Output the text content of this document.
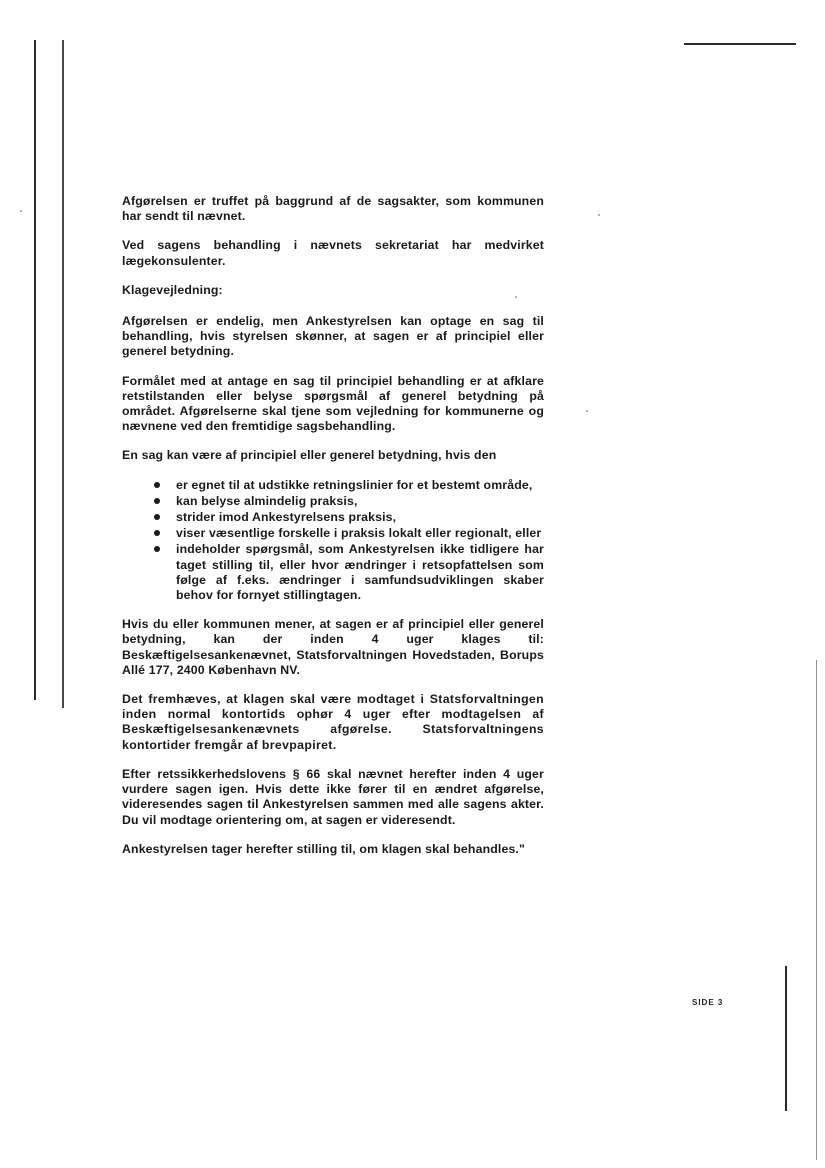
Afgørelsen er truffet på baggrund af de sagsakter, som kommunen har sendt til nævnet.

Ved sagens behandling i nævnets sekretariat har medvirket lægekonsulenter.

Klagevejledning:

Afgørelsen er endelig, men Ankestyrelsen kan optage en sag til behandling, hvis styrelsen skønner, at sagen er af principiel eller generel betydning.

Formålet med at antage en sag til principiel behandling er at afklare retstilstanden eller belyse spørgsmål af generel betydning på området. Afgørelserne skal tjene som vejledning for kommunerne og nævnene ved den fremtidige sagsbehandling.

En sag kan være af principiel eller generel betydning, hvis den

er egnet til at udstikke retningslinier for et bestemt område,
kan belyse almindelig praksis,
strider imod Ankestyrelsens praksis,
viser væsentlige forskelle i praksis lokalt eller regionalt, eller
indeholder spørgsmål, som Ankestyrelsen ikke tidligere har taget stilling til, eller hvor ændringer i retsopfattelsen som følge af f.eks. ændringer i samfundsudviklingen skaber behov for fornyet stillingtagen.

Hvis du eller kommunen mener, at sagen er af principiel eller generel betydning, kan der inden 4 uger klages til: Beskæftigelsesankenævnet, Statsforvaltningen Hovedstaden, Borups Allé 177, 2400 København NV.

Det fremhæves, at klagen skal være modtaget i Statsforvaltningen inden normal kontortids ophør 4 uger efter modtagelsen af Beskæftigelsesankenævnets afgørelse. Statsforvaltningens kontortider fremgår af brevpapiret.

Efter retssikkerhedslovens § 66 skal nævnet herefter inden 4 uger vurdere sagen igen. Hvis dette ikke fører til en ændret afgørelse, videresendes sagen til Ankestyrelsen sammen med alle sagens akter. Du vil modtage orientering om, at sagen er videresendt.

Ankestyrelsen tager herefter stilling til, om klagen skal behandles."

SIDE 3
